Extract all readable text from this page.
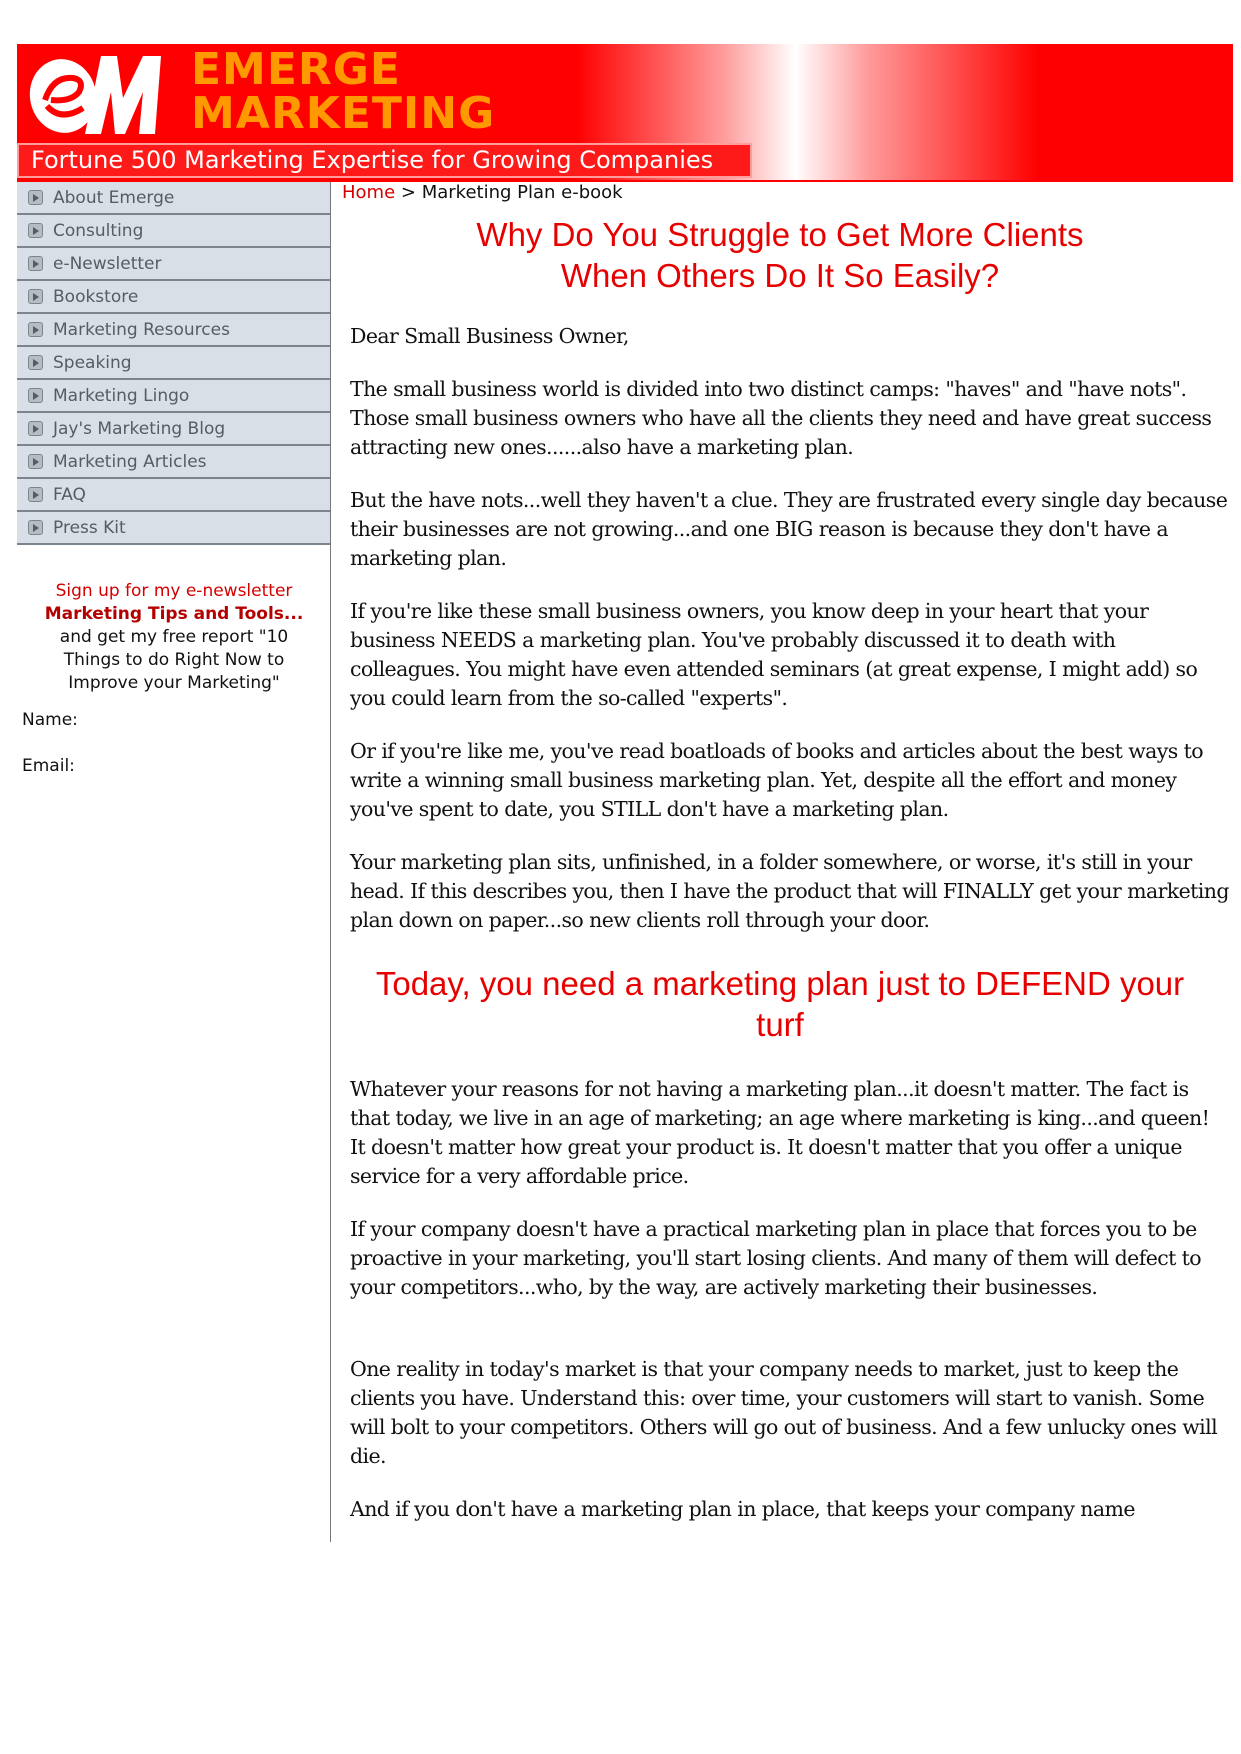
EMERGE
MARKETING
Fortune 500 Marketing Expertise for Growing Companies
About Emerge
Consulting
e-Newsletter
Bookstore
Marketing Resources
Speaking
Marketing Lingo
Jay's Marketing Blog
Marketing Articles
FAQ
Press Kit
Sign up for my e-newsletter
Marketing Tips and Tools...
and get my free report "10
Things to do Right Now to
Improve your Marketing"
Name:
Email:
Home > Marketing Plan e-book
Why Do You Struggle to Get More Clients
When Others Do It So Easily?

Dear Small Business Owner,

The small business world is divided into two distinct camps: "haves" and "have nots". Those small business owners who have all the clients they need and have great success attracting new ones......also have a marketing plan.

But the have nots...well they haven't a clue. They are frustrated every single day because their businesses are not growing...and one BIG reason is because they don't have a marketing plan.

If you're like these small business owners, you know deep in your heart that your business NEEDS a marketing plan. You've probably discussed it to death with colleagues. You might have even attended seminars (at great expense, I might add) so you could learn from the so-called "experts".

Or if you're like me, you've read boatloads of books and articles about the best ways to write a winning small business marketing plan. Yet, despite all the effort and money you've spent to date, you STILL don't have a marketing plan.

Your marketing plan sits, unfinished, in a folder somewhere, or worse, it's still in your head. If this describes you, then I have the product that will FINALLY get your marketing plan down on paper...so new clients roll through your door.

Today, you need a marketing plan just to DEFEND your
turf

Whatever your reasons for not having a marketing plan...it doesn't matter. The fact is that today, we live in an age of marketing; an age where marketing is king...and queen! It doesn't matter how great your product is. It doesn't matter that you offer a unique service for a very affordable price.

If your company doesn't have a practical marketing plan in place that forces you to be proactive in your marketing, you'll start losing clients. And many of them will defect to your competitors...who, by the way, are actively marketing their businesses.

One reality in today's market is that your company needs to market, just to keep the clients you have. Understand this: over time, your customers will start to vanish. Some will bolt to your competitors. Others will go out of business. And a few unlucky ones will die.

And if you don't have a marketing plan in place, that keeps your company name
